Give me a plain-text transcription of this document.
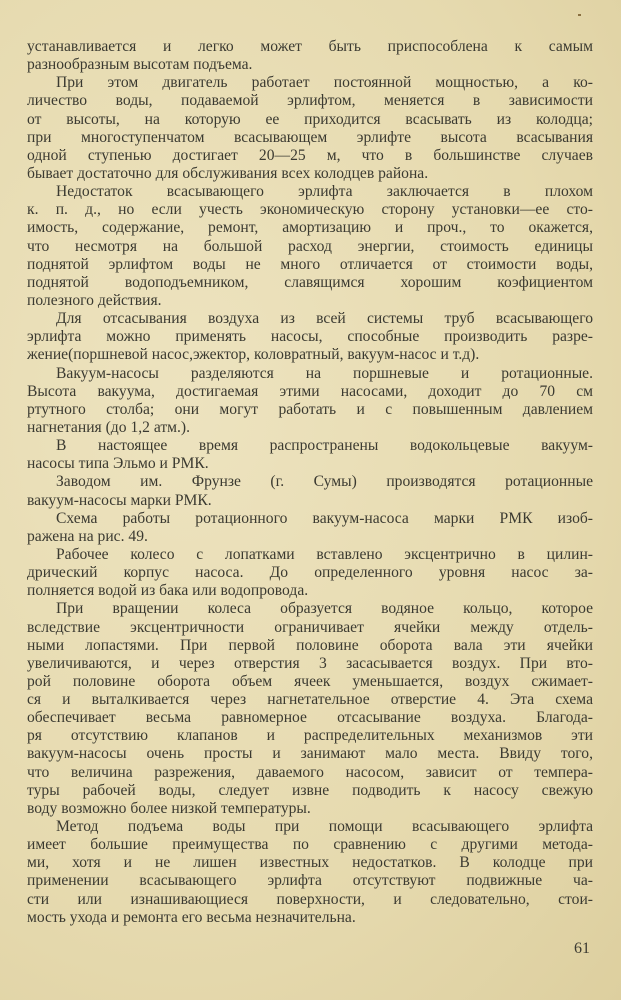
устанавливается и легко может быть приспособлена к самым
разнообразным высотам подъема.
При этом двигатель работает постоянной мощностью, а ко-
личество воды, подаваемой эрлифтом, меняется в зависимости
от высоты, на которую ее приходится всасывать из колодца;
при многоступенчатом всасывающем эрлифте высота всасывания
одной ступенью достигает 20—25 м, что в большинстве случаев
бывает достаточно для обслуживания всех колодцев района.
Недостаток всасывающего эрлифта заключается в плохом
к. п. д., но если учесть экономическую сторону установки—ее сто-
имость, содержание, ремонт, амортизацию и проч., то окажется,
что несмотря на большой расход энергии, стоимость единицы
поднятой эрлифтом воды не много отличается от стоимости воды,
поднятой водоподъемником, славящимся хорошим коэфициентом
полезного действия.
Для отсасывания воздуха из всей системы труб всасывающего
эрлифта можно применять насосы, способные производить разре-
жение(поршневой насос,эжектор, коловратный, вакуум-насос и т.д).
Вакуум-насосы разделяются на поршневые и ротационные.
Высота вакуума, достигаемая этими насосами, доходит до 70 см
ртутного столба; они могут работать и с повышенным давлением
нагнетания (до 1,2 атм.).
В настоящее время распространены водокольцевые вакуум-
насосы типа Эльмо и РМК.
Заводом им. Фрунзе (г. Сумы) производятся ротационные
вакуум-насосы марки РМК.
Схема работы ротационного вакуум-насоса марки РМК изоб-
ражена на рис. 49.
Рабочее колесо с лопатками вставлено эксцентрично в цилин-
дрический корпус насоса. До определенного уровня насос за-
полняется водой из бака или водопровода.
При вращении колеса образуется водяное кольцо, которое
вследствие эксцентричности ограничивает ячейки между отдель-
ными лопастями. При первой половине оборота вала эти ячейки
увеличиваются, и через отверстия 3 засасывается воздух. При вто-
рой половине оборота объем ячеек уменьшается, воздух сжимает-
ся и выталкивается через нагнетательное отверстие 4. Эта схема
обеспечивает весьма равномерное отсасывание воздуха. Благода-
ря отсутствию клапанов и распределительных механизмов эти
вакуум-насосы очень просты и занимают мало места. Ввиду того,
что величина разрежения, даваемого насосом, зависит от темпера-
туры рабочей воды, следует извне подводить к насосу свежую
воду возможно более низкой температуры.
Метод подъема воды при помощи всасывающего эрлифта
имеет большие преимущества по сравнению с другими метода-
ми, хотя и не лишен известных недостатков. В колодце при
применении всасывающего эрлифта отсутствуют подвижные ча-
сти или изнашивающиеся поверхности, и следовательно, стои-
мость ухода и ремонта его весьма незначительна.
61
